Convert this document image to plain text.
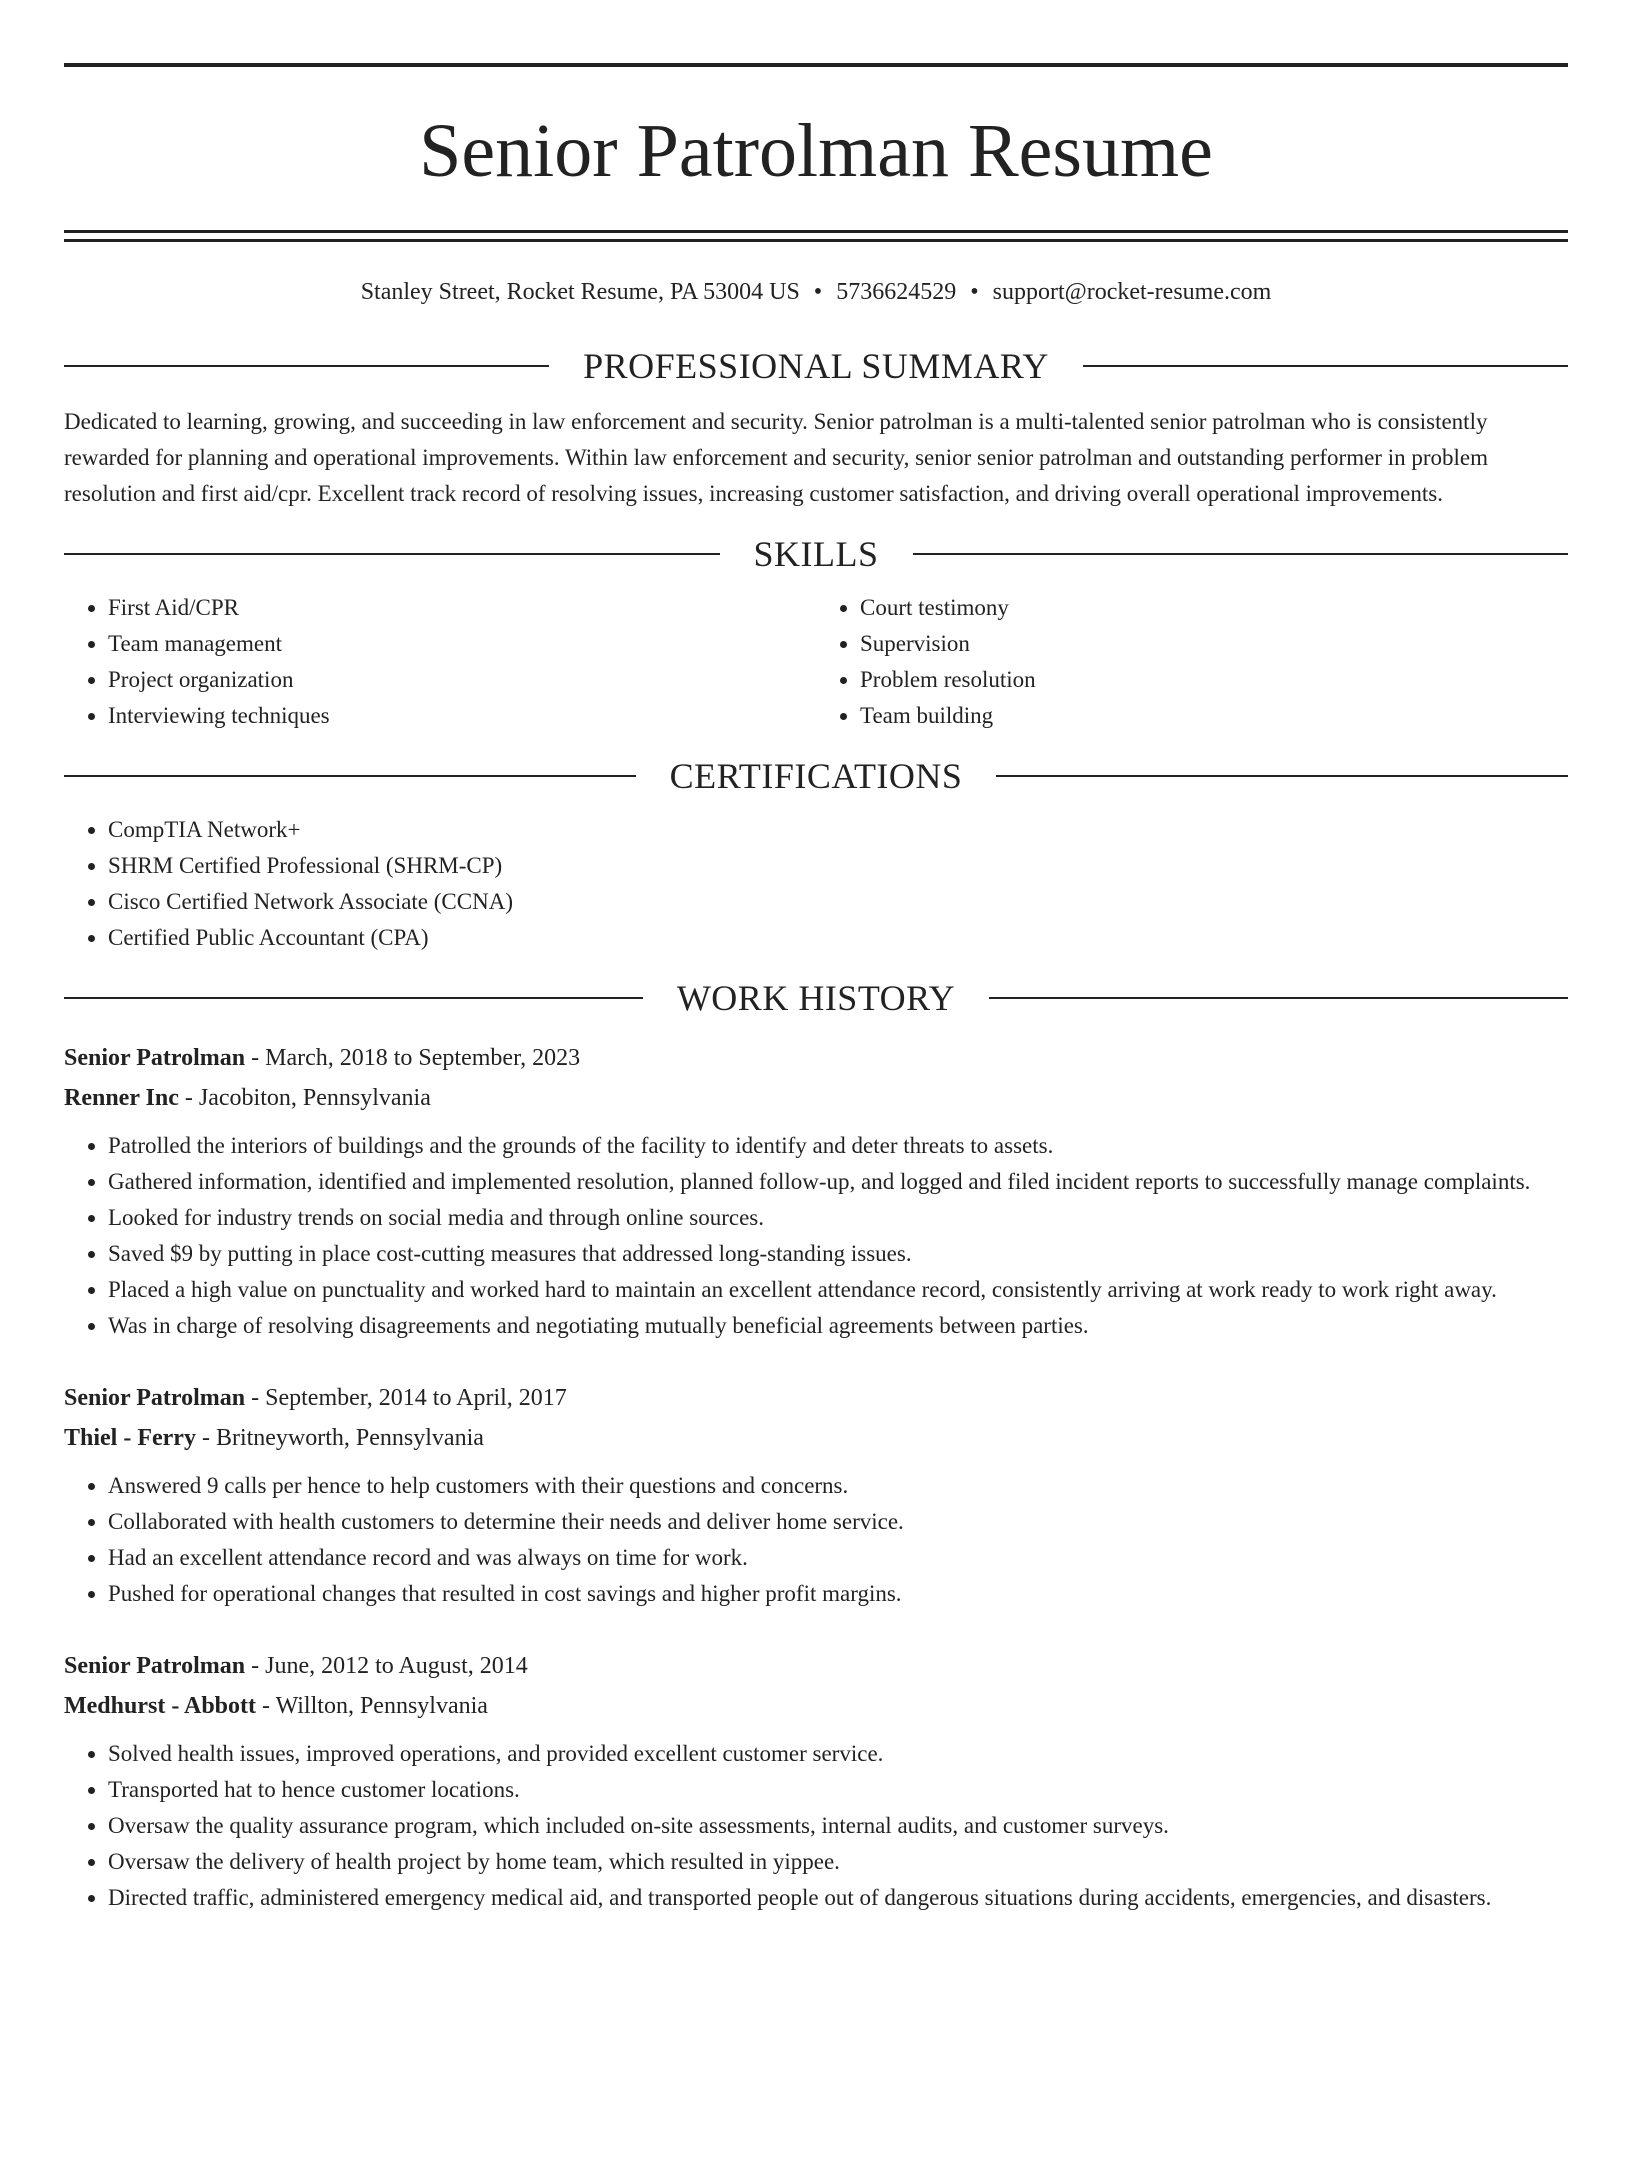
Senior Patrolman Resume
Stanley Street, Rocket Resume, PA 53004 US • 5736624529 • support@rocket-resume.com
PROFESSIONAL SUMMARY

Dedicated to learning, growing, and succeeding in law enforcement and security. Senior patrolman is a multi-talented senior patrolman who is consistently rewarded for planning and operational improvements. Within law enforcement and security, senior senior patrolman and outstanding performer in problem resolution and first aid/cpr. Excellent track record of resolving issues, increasing customer satisfaction, and driving overall operational improvements.

SKILLS
• First Aid/CPR
• Team management
• Project organization
• Interviewing techniques
• Court testimony
• Supervision
• Problem resolution
• Team building
CERTIFICATIONS
• CompTIA Network+
• SHRM Certified Professional (SHRM-CP)
• Cisco Certified Network Associate (CCNA)
• Certified Public Accountant (CPA)
WORK HISTORY
Senior Patrolman - March, 2018 to September, 2023
Renner Inc - Jacobiton, Pennsylvania
• Patrolled the interiors of buildings and the grounds of the facility to identify and deter threats to assets.
• Gathered information, identified and implemented resolution, planned follow-up, and logged and filed incident reports to successfully manage complaints.
• Looked for industry trends on social media and through online sources.
• Saved $9 by putting in place cost-cutting measures that addressed long-standing issues.
• Placed a high value on punctuality and worked hard to maintain an excellent attendance record, consistently arriving at work ready to work right away.
• Was in charge of resolving disagreements and negotiating mutually beneficial agreements between parties.
Senior Patrolman - September, 2014 to April, 2017
Thiel - Ferry - Britneyworth, Pennsylvania
• Answered 9 calls per hence to help customers with their questions and concerns.
• Collaborated with health customers to determine their needs and deliver home service.
• Had an excellent attendance record and was always on time for work.
• Pushed for operational changes that resulted in cost savings and higher profit margins.
Senior Patrolman - June, 2012 to August, 2014
Medhurst - Abbott - Willton, Pennsylvania
• Solved health issues, improved operations, and provided excellent customer service.
• Transported hat to hence customer locations.
• Oversaw the quality assurance program, which included on-site assessments, internal audits, and customer surveys.
• Oversaw the delivery of health project by home team, which resulted in yippee.
• Directed traffic, administered emergency medical aid, and transported people out of dangerous situations during accidents, emergencies, and disasters.
